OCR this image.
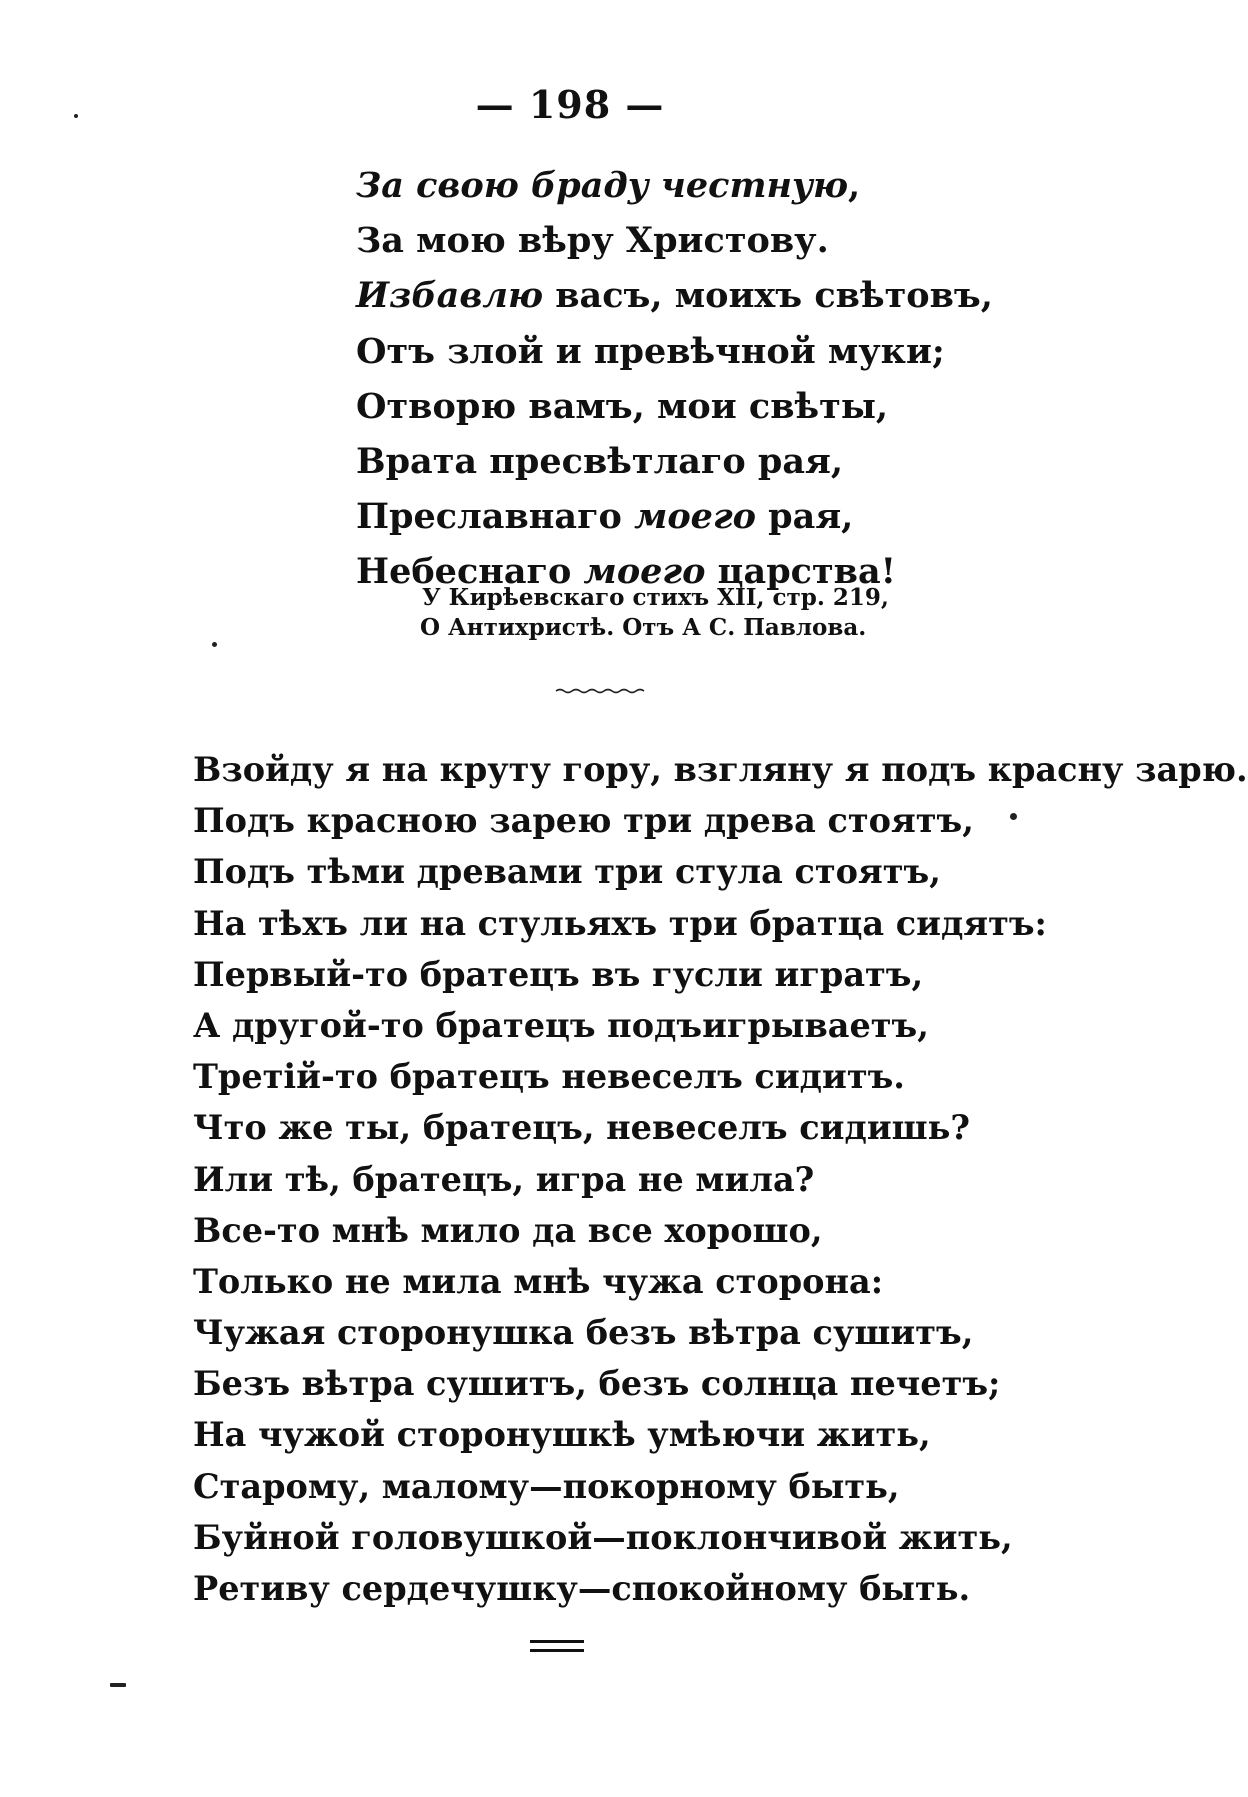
— 198 —
За свою браду честную,
За мою вѣру Христову.
Избавлю васъ, моихъ свѣтовъ,
Отъ злой и превѣчной муки;
Отворю вамъ, мои свѣты,
Врата пресвѣтлаго рая,
Преславнаго моего рая,
Небеснаго моего царства!
У Кирѣевскаго стихъ XII, стр. 219,
О Антихристѣ. Отъ А С. Павлова.
Взойду я на круту гору, взгляну я подъ красну зарю.
Подъ красною зарею три древа стоятъ,
Подъ тѣми древами три стула стоятъ,
На тѣхъ ли на стульяхъ три братца сидятъ:
Первый-то братецъ въ гусли игратъ,
А другой-то братецъ подъигрываетъ,
Третій-то братецъ невеселъ сидитъ.
Что же ты, братецъ, невеселъ сидишь?
Или тѣ, братецъ, игра не мила?
Все-то мнѣ мило да все хорошо,
Только не мила мнѣ чужа сторона:
Чужая сторонушка безъ вѣтра сушитъ,
Безъ вѣтра сушитъ, безъ солнца печетъ;
На чужой сторонушкѣ умѣючи жить,
Старому, малому—покорному быть,
Буйной головушкой—поклончивой жить,
Ретиву сердечушку—спокойному быть.
